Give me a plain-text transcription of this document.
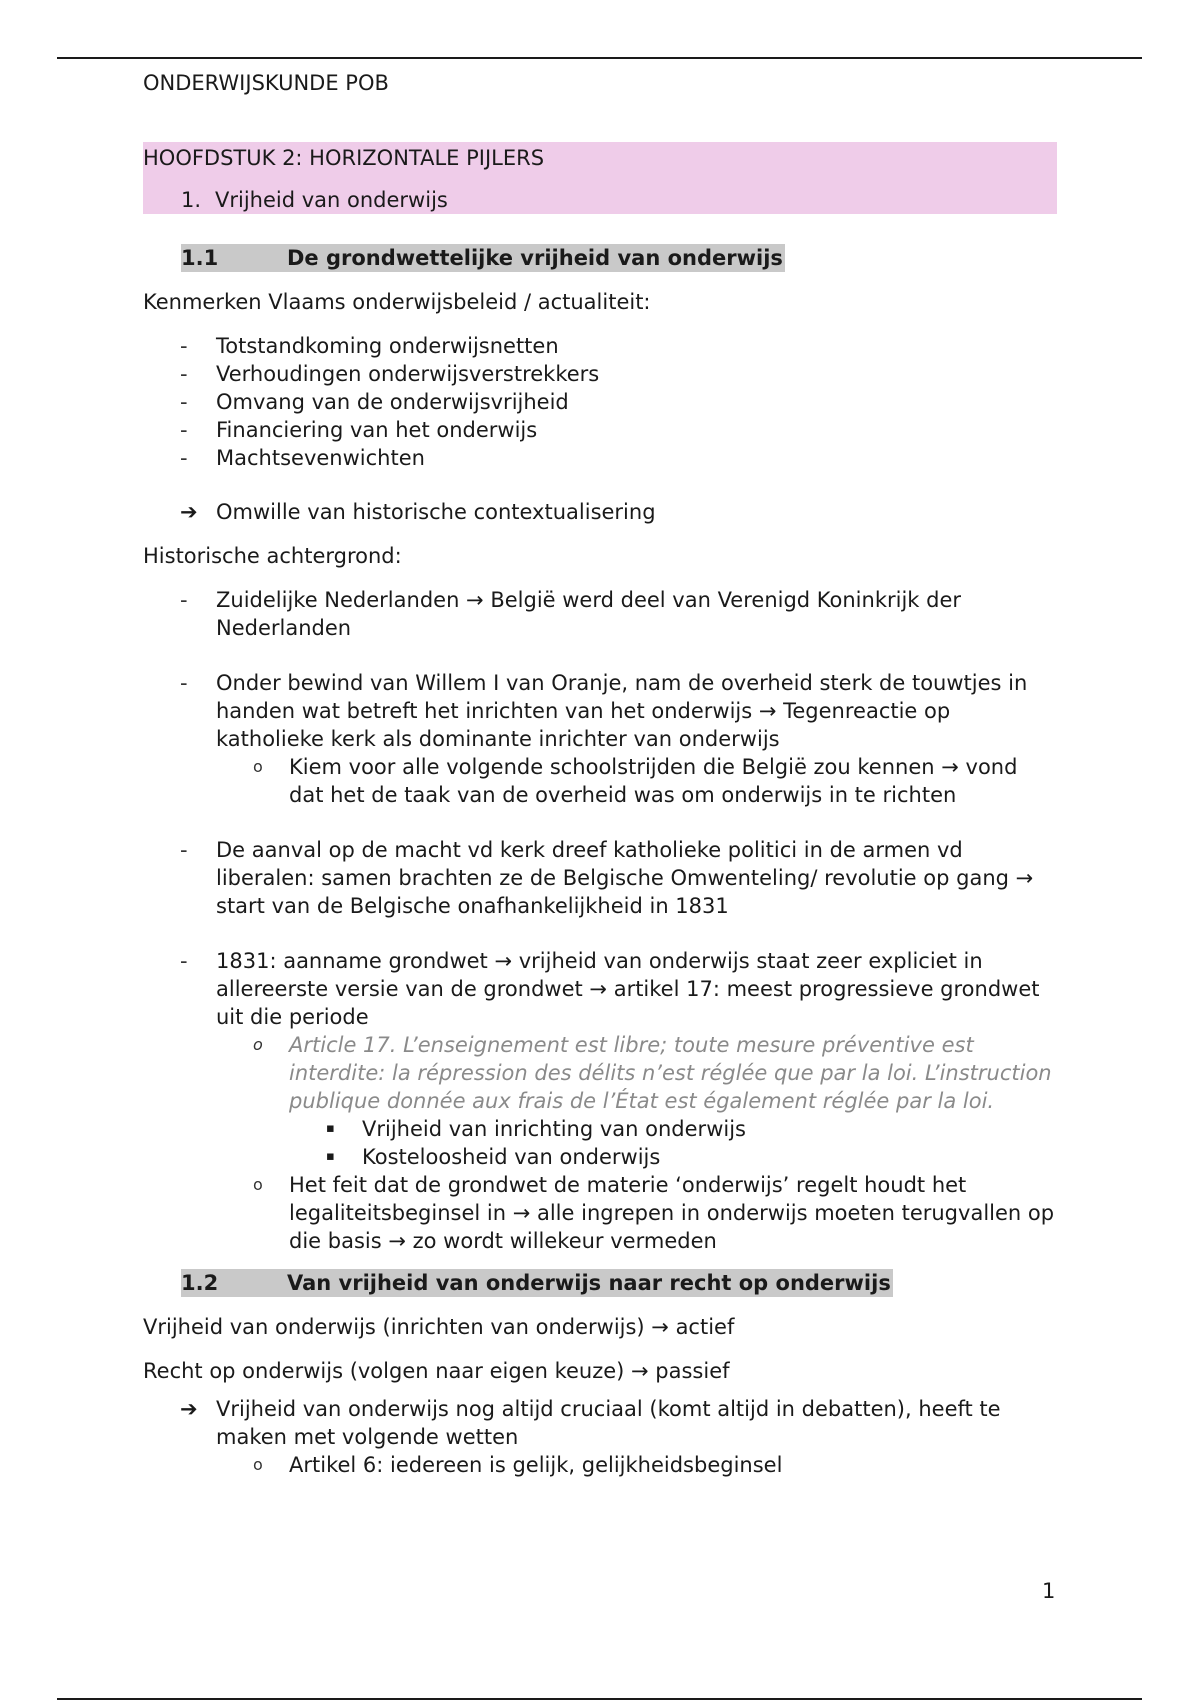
ONDERWIJSKUNDE POB
HOOFDSTUK 2: HORIZONTALE PIJLERS
1. Vrijheid van onderwijs
1.1	De grondwettelijke vrijheid van onderwijs

Kenmerken Vlaams onderwijsbeleid / actualiteit:

- Totstandkoming onderwijsnetten
- Verhoudingen onderwijsverstrekkers
- Omvang van de onderwijsvrijheid
- Financiering van het onderwijs
- Machtsevenwichten
➔ Omwille van historische contextualisering

Historische achtergrond:

- Zuidelijke Nederlanden → België werd deel van Verenigd Koninkrijk der Nederlanden
- Onder bewind van Willem I van Oranje, nam de overheid sterk de touwtjes in handen wat betreft het inrichten van het onderwijs → Tegenreactie op katholieke kerk als dominante inrichter van onderwijs
o Kiem voor alle volgende schoolstrijden die België zou kennen → vond dat het de taak van de overheid was om onderwijs in te richten
- De aanval op de macht vd kerk dreef katholieke politici in de armen vd liberalen: samen brachten ze de Belgische Omwenteling/ revolutie op gang → start van de Belgische onafhankelijkheid in 1831
- 1831: aanname grondwet → vrijheid van onderwijs staat zeer expliciet in allereerste versie van de grondwet → artikel 17: meest progressieve grondwet uit die periode
o Article 17. L’enseignement est libre; toute mesure préventive est interdite: la répression des délits n’est réglée que par la loi. L’instruction publique donnée aux frais de l’État est également réglée par la loi.
▪ Vrijheid van inrichting van onderwijs
▪ Kosteloosheid van onderwijs
o Het feit dat de grondwet de materie ‘onderwijs’ regelt houdt het legaliteitsbeginsel in → alle ingrepen in onderwijs moeten terugvallen op die basis → zo wordt willekeur vermeden
1.2	Van vrijheid van onderwijs naar recht op onderwijs

Vrijheid van onderwijs (inrichten van onderwijs) → actief

Recht op onderwijs (volgen naar eigen keuze) → passief

➔ Vrijheid van onderwijs nog altijd cruciaal (komt altijd in debatten), heeft te maken met volgende wetten
o Artikel 6: iedereen is gelijk, gelijkheidsbeginsel
1
